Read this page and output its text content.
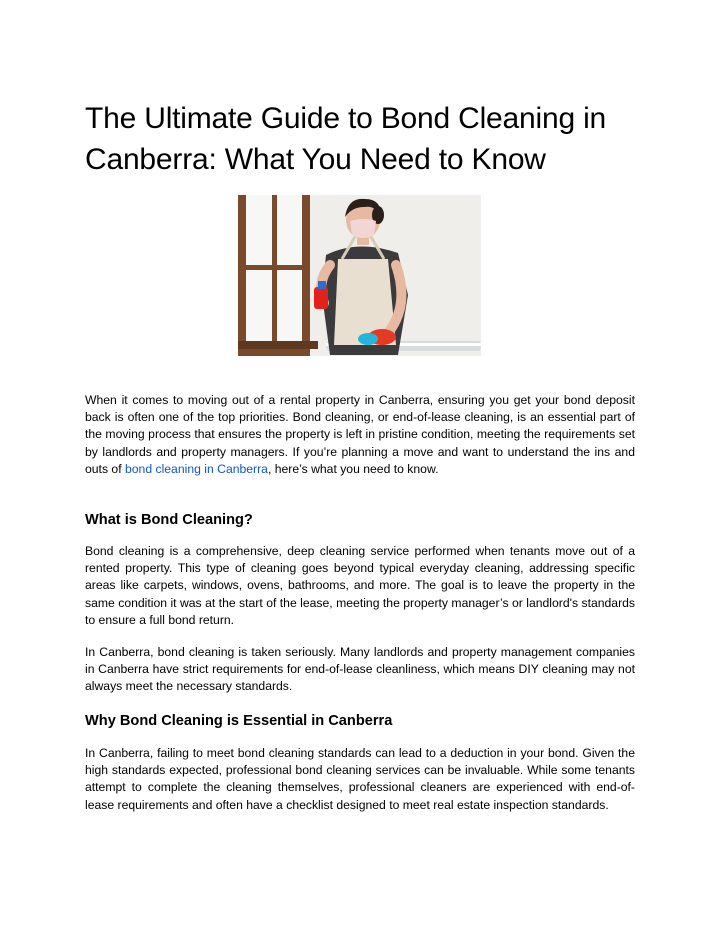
The Ultimate Guide to Bond Cleaning in
Canberra: What You Need to Know

When it comes to moving out of a rental property in Canberra, ensuring you get your bond deposit back is often one of the top priorities. Bond cleaning, or end-of-lease cleaning, is an essential part of the moving process that ensures the property is left in pristine condition, meeting the requirements set by landlords and property managers. If you’re planning a move and want to understand the ins and outs of bond cleaning in Canberra, here’s what you need to know.

What is Bond Cleaning?

Bond cleaning is a comprehensive, deep cleaning service performed when tenants move out of a rented property. This type of cleaning goes beyond typical everyday cleaning, addressing specific areas like carpets, windows, ovens, bathrooms, and more. The goal is to leave the property in the same condition it was at the start of the lease, meeting the property manager’s or landlord's standards to ensure a full bond return.

In Canberra, bond cleaning is taken seriously. Many landlords and property management companies in Canberra have strict requirements for end-of-lease cleanliness, which means DIY cleaning may not always meet the necessary standards.

Why Bond Cleaning is Essential in Canberra

In Canberra, failing to meet bond cleaning standards can lead to a deduction in your bond. Given the high standards expected, professional bond cleaning services can be invaluable. While some tenants attempt to complete the cleaning themselves, professional cleaners are experienced with end-of-lease requirements and often have a checklist designed to meet real estate inspection standards.
